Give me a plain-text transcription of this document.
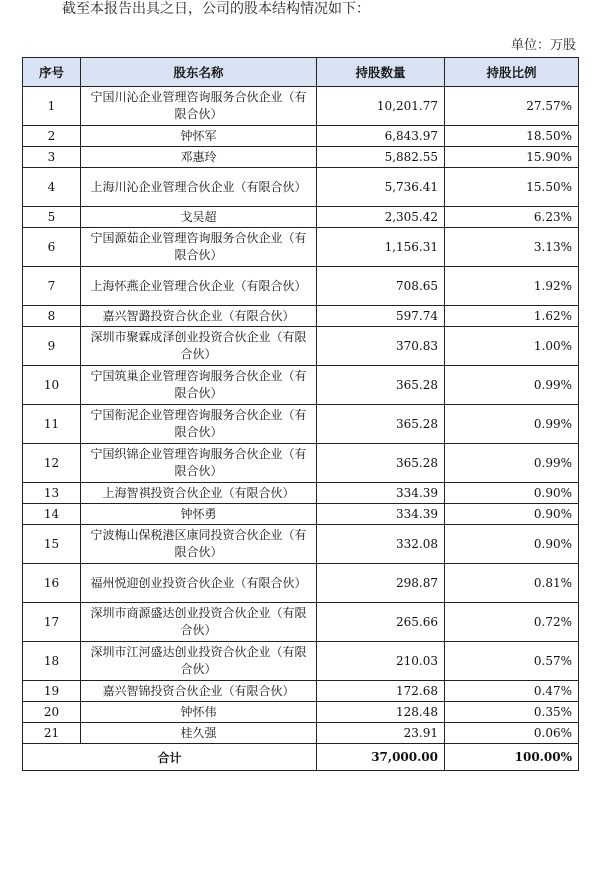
截至本报告出具之日，公司的股本结构情况如下：
单位：万股
序号	股东名称	持股数量	持股比例
1	宁国川沁企业管理咨询服务合伙企业（有限合伙）	10,201.77	27.57%
2	钟怀军	6,843.97	18.50%
3	邓惠玲	5,882.55	15.90%
4	上海川沁企业管理合伙企业（有限合伙）	5,736.41	15.50%
5	戈吴超	2,305.42	6.23%
6	宁国源茹企业管理咨询服务合伙企业（有限合伙）	1,156.31	3.13%
7	上海怀燕企业管理合伙企业（有限合伙）	708.65	1.92%
8	嘉兴智潞投资合伙企业（有限合伙）	597.74	1.62%
9	深圳市聚霖成泽创业投资合伙企业（有限合伙）	370.83	1.00%
10	宁国筑巢企业管理咨询服务合伙企业（有限合伙）	365.28	0.99%
11	宁国衔泥企业管理咨询服务合伙企业（有限合伙）	365.28	0.99%
12	宁国织锦企业管理咨询服务合伙企业（有限合伙）	365.28	0.99%
13	上海智祺投资合伙企业（有限合伙）	334.39	0.90%
14	钟怀勇	334.39	0.90%
15	宁波梅山保税港区康同投资合伙企业（有限合伙）	332.08	0.90%
16	福州悦迎创业投资合伙企业（有限合伙）	298.87	0.81%
17	深圳市商源盛达创业投资合伙企业（有限合伙）	265.66	0.72%
18	深圳市江河盛达创业投资合伙企业（有限合伙）	210.03	0.57%
19	嘉兴智锦投资合伙企业（有限合伙）	172.68	0.47%
20	钟怀伟	128.48	0.35%
21	桂久强	23.91	0.06%
合计		37,000.00	100.00%
